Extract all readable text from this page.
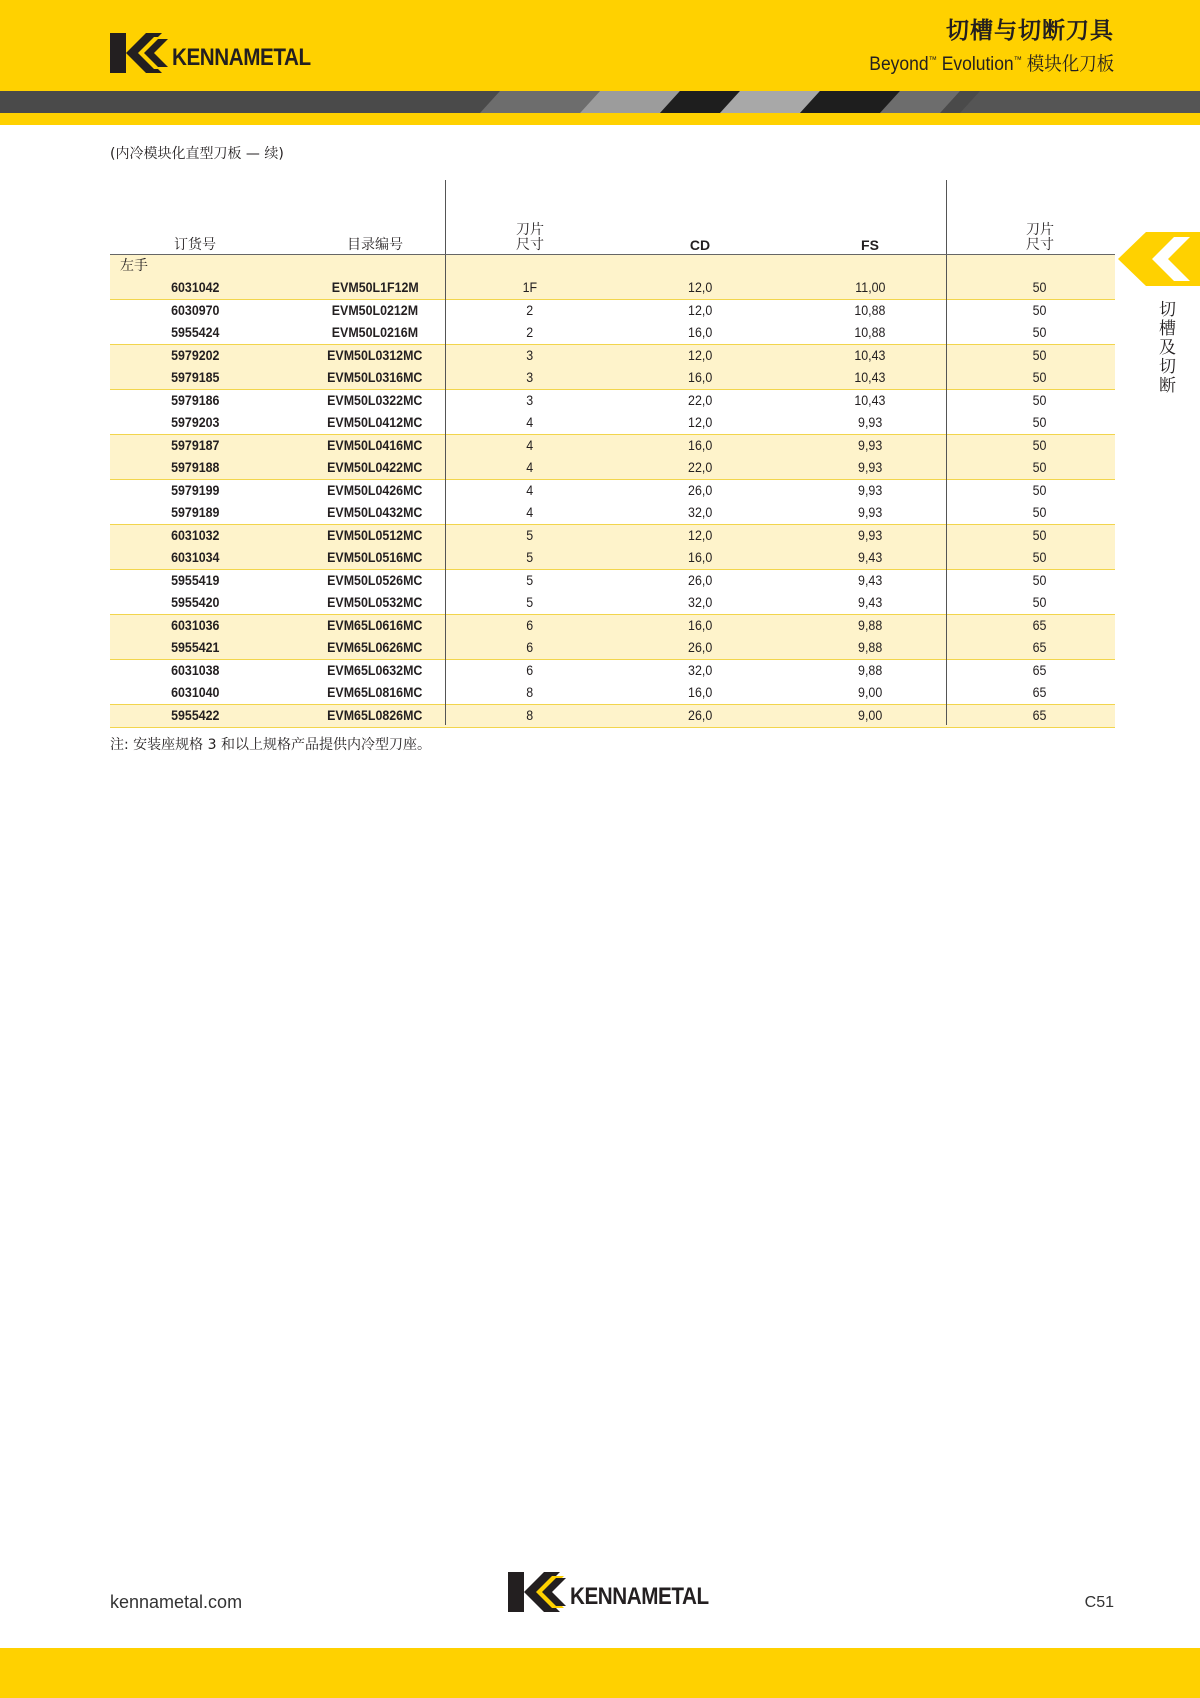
KENNAMETAL
切槽与切断刀具
Beyond™ Evolution™ 模块化刀板
(内冷模块化直型刀板 — 续)
切槽及切断
订货号	目录编号
刀片
尺寸	CD	FS
刀片
尺寸
左手
6031042	EVM50L1F12M	1F	12,0	11,00	50
6030970	EVM50L0212M	2	12,0	10,88	50
5955424	EVM50L0216M	2	16,0	10,88	50
5979202	EVM50L0312MC	3	12,0	10,43	50
5979185	EVM50L0316MC	3	16,0	10,43	50
5979186	EVM50L0322MC	3	22,0	10,43	50
5979203	EVM50L0412MC	4	12,0	9,93	50
5979187	EVM50L0416MC	4	16,0	9,93	50
5979188	EVM50L0422MC	4	22,0	9,93	50
5979199	EVM50L0426MC	4	26,0	9,93	50
5979189	EVM50L0432MC	4	32,0	9,93	50
6031032	EVM50L0512MC	5	12,0	9,93	50
6031034	EVM50L0516MC	5	16,0	9,43	50
5955419	EVM50L0526MC	5	26,0	9,43	50
5955420	EVM50L0532MC	5	32,0	9,43	50
6031036	EVM65L0616MC	6	16,0	9,88	65
5955421	EVM65L0626MC	6	26,0	9,88	65
6031038	EVM65L0632MC	6	32,0	9,88	65
6031040	EVM65L0816MC	8	16,0	9,00	65
5955422	EVM65L0826MC	8	26,0	9,00	65
注: 安装座规格 3 和以上规格产品提供内冷型刀座。
kennametal.com	KENNAMETAL	C51
